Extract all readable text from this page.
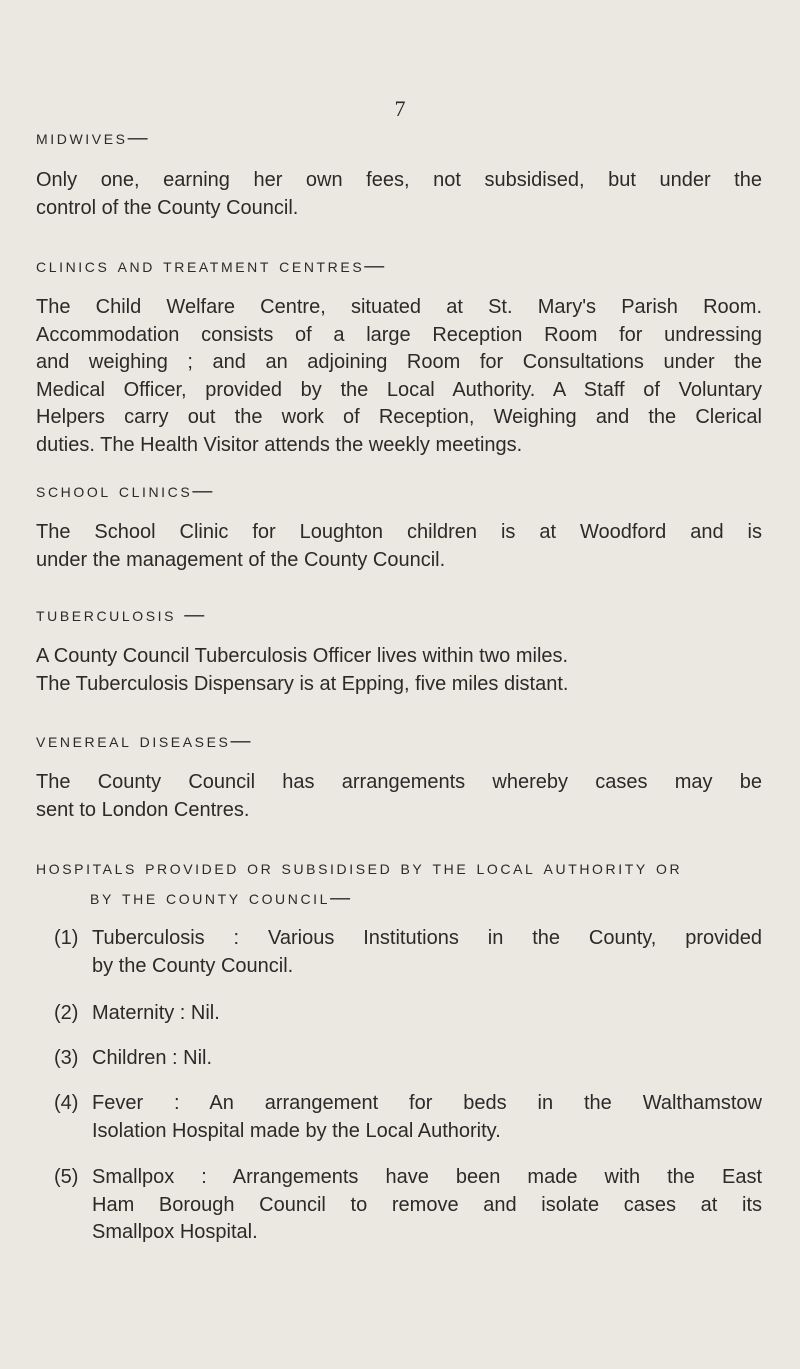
7
midwives—
Only one, earning her own fees, not subsidised, but under the
control of the County Council.
clinics and treatment centres—
The Child Welfare Centre, situated at St. Mary's Parish Room.
Accommodation consists of a large Reception Room for undressing
and weighing ; and an adjoining Room for Consultations under the
Medical Officer, provided by the Local Authority. A Staff of Voluntary
Helpers carry out the work of Reception, Weighing and the Clerical
duties. The Health Visitor attends the weekly meetings.
school clinics—
The School Clinic for Loughton children is at Woodford and is
under the management of the County Council.
tuberculosis —
A County Council Tuberculosis Officer lives within two miles.
The Tuberculosis Dispensary is at Epping, five miles distant.
venereal diseases—
The County Council has arrangements whereby cases may be
sent to London Centres.
hospitals provided or subsidised by the local authority or
by the county council—
(1) Tuberculosis : Various Institutions in the County, provided
by the County Council.
(2) Maternity : Nil.
(3) Children : Nil.
(4) Fever : An arrangement for beds in the Walthamstow
Isolation Hospital made by the Local Authority.
(5) Smallpox : Arrangements have been made with the East
Ham Borough Council to remove and isolate cases at its
Smallpox Hospital.
